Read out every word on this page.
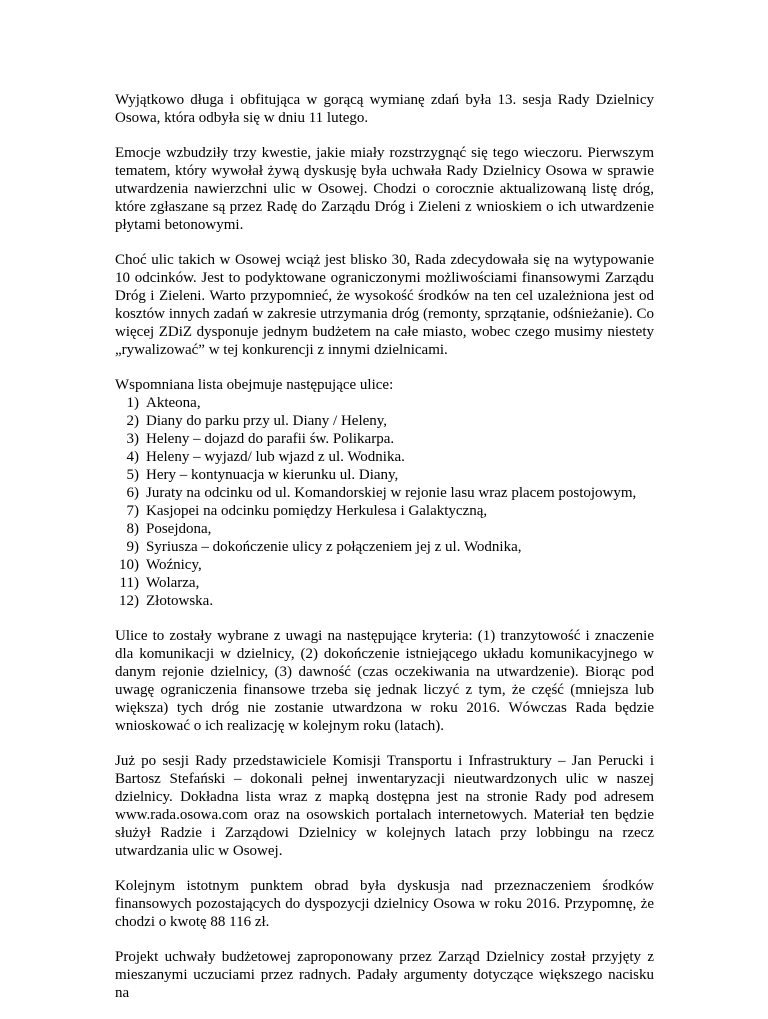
Wyjątkowo długa i obfitująca w gorącą wymianę zdań była 13. sesja Rady Dzielnicy Osowa, która odbyła się w dniu 11 lutego.

Emocje wzbudziły trzy kwestie, jakie miały rozstrzygnąć się tego wieczoru. Pierwszym tematem, który wywołał żywą dyskusję była uchwała Rady Dzielnicy Osowa w sprawie utwardzenia nawierzchni ulic w Osowej. Chodzi o corocznie aktualizowaną listę dróg, które zgłaszane są przez Radę do Zarządu Dróg i Zieleni z wnioskiem o ich utwardzenie płytami betonowymi.

Choć ulic takich w Osowej wciąż jest blisko 30, Rada zdecydowała się na wytypowanie 10 odcinków. Jest to podyktowane ograniczonymi możliwościami finansowymi Zarządu Dróg i Zieleni. Warto przypomnieć, że wysokość środków na ten cel uzależniona jest od kosztów innych zadań w zakresie utrzymania dróg (remonty, sprzątanie, odśnieżanie). Co więcej ZDiZ dysponuje jednym budżetem na całe miasto, wobec czego musimy niestety „rywalizować” w tej konkurencji z innymi dzielnicami.

Wspomniana lista obejmuje następujące ulice:
1) Akteona,
2) Diany do parku przy ul. Diany / Heleny,
3) Heleny – dojazd do parafii św. Polikarpa.
4) Heleny – wyjazd/ lub wjazd z ul. Wodnika.
5) Hery – kontynuacja w kierunku ul. Diany,
6) Juraty na odcinku od ul. Komandorskiej w rejonie lasu wraz placem postojowym,
7) Kasjopei na odcinku pomiędzy Herkulesa i Galaktyczną,
8) Posejdona,
9) Syriusza – dokończenie ulicy z połączeniem jej z ul. Wodnika,
10) Woźnicy,
11) Wolarza,
12) Złotowska.

Ulice to zostały wybrane z uwagi na następujące kryteria: (1) tranzytowość i znaczenie dla komunikacji w dzielnicy, (2) dokończenie istniejącego układu komunikacyjnego w danym rejonie dzielnicy, (3) dawność (czas oczekiwania na utwardzenie). Biorąc pod uwagę ograniczenia finansowe trzeba się jednak liczyć z tym, że część (mniejsza lub większa) tych dróg nie zostanie utwardzona w roku 2016. Wówczas Rada będzie wnioskować o ich realizację w kolejnym roku (latach).

Już po sesji Rady przedstawiciele Komisji Transportu i Infrastruktury – Jan Perucki i Bartosz Stefański – dokonali pełnej inwentaryzacji nieutwardzonych ulic w naszej dzielnicy. Dokładna lista wraz z mapką dostępna jest na stronie Rady pod adresem www.rada.osowa.com oraz na osowskich portalach internetowych. Materiał ten będzie służył Radzie i Zarządowi Dzielnicy w kolejnych latach przy lobbingu na rzecz utwardzania ulic w Osowej.

Kolejnym istotnym punktem obrad była dyskusja nad przeznaczeniem środków finansowych pozostających do dyspozycji dzielnicy Osowa w roku 2016. Przypomnę, że chodzi o kwotę 88 116 zł.

Projekt uchwały budżetowej zaproponowany przez Zarząd Dzielnicy został przyjęty z mieszanymi uczuciami przez radnych. Padały argumenty dotyczące większego nacisku na
